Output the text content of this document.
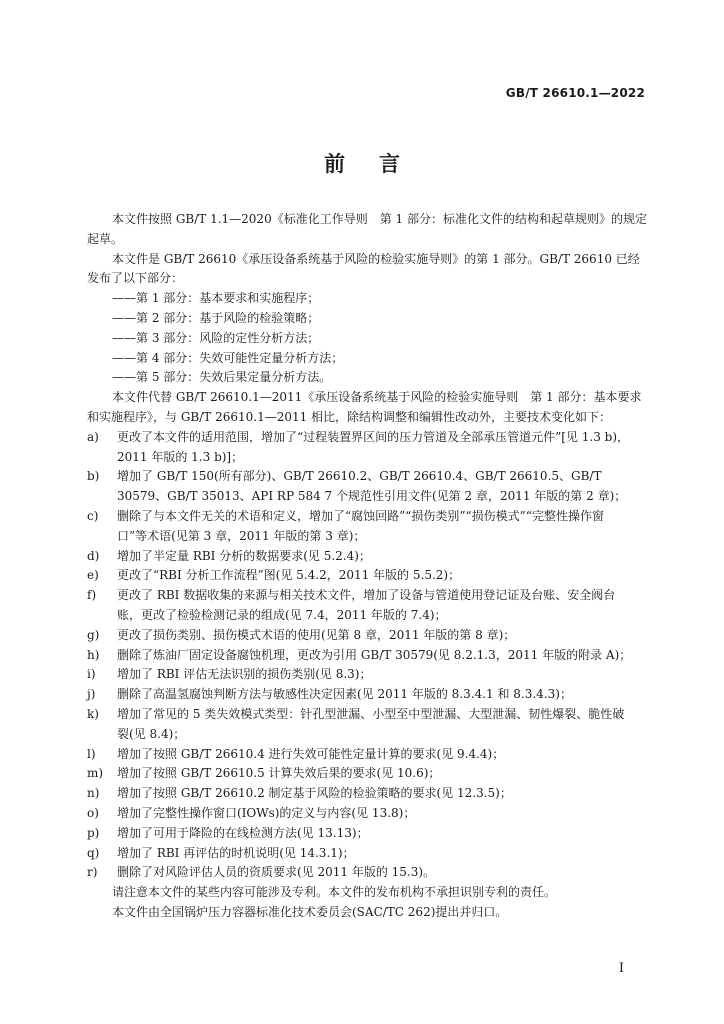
GB/T 26610.1—2022
前言

本文件按照 GB/T 1.1—2020《标准化工作导则　第 1 部分：标准化文件的结构和起草规则》的规定
起草。

本文件是 GB/T 26610《承压设备系统基于风险的检验实施导则》的第 1 部分。GB/T 26610 已经
发布了以下部分：

——第 1 部分：基本要求和实施程序；
——第 2 部分：基于风险的检验策略；
——第 3 部分：风险的定性分析方法；
——第 4 部分：失效可能性定量分析方法；
——第 5 部分：失效后果定量分析方法。

本文件代替 GB/T 26610.1—2011《承压设备系统基于风险的检验实施导则　第 1 部分：基本要求
和实施程序》，与 GB/T 26610.1—2011 相比，除结构调整和编辑性改动外，主要技术变化如下：

a)	更改了本文件的适用范围，增加了“过程装置界区间的压力管道及全部承压管道元件”[见 1.3 b)，2011 年版的 1.3 b)]；
b)	增加了 GB/T 150(所有部分)、GB/T 26610.2、GB/T 26610.4、GB/T 26610.5、GB/T 30579、GB/T 35013、API RP 584 7 个规范性引用文件(见第 2 章，2011 年版的第 2 章)；
c)	删除了与本文件无关的术语和定义，增加了“腐蚀回路”“损伤类别”“损伤模式”“完整性操作窗口”等术语(见第 3 章，2011 年版的第 3 章)；
d)	增加了半定量 RBI 分析的数据要求(见 5.2.4)；
e)	更改了“RBI 分析工作流程”图(见 5.4.2，2011 年版的 5.5.2)；
f)	更改了 RBI 数据收集的来源与相关技术文件，增加了设备与管道使用登记证及台账、安全阀台账，更改了检验检测记录的组成(见 7.4，2011 年版的 7.4)；
g)	更改了损伤类别、损伤模式术语的使用(见第 8 章，2011 年版的第 8 章)；
h)	删除了炼油厂固定设备腐蚀机理，更改为引用 GB/T 30579(见 8.2.1.3，2011 年版的附录 A)；
i)	增加了 RBI 评估无法识别的损伤类别(见 8.3)；
j)	删除了高温氢腐蚀判断方法与敏感性决定因素(见 2011 年版的 8.3.4.1 和 8.3.4.3)；
k)	增加了常见的 5 类失效模式类型：针孔型泄漏、小型至中型泄漏、大型泄漏、韧性爆裂、脆性破裂(见 8.4)；
l)	增加了按照 GB/T 26610.4 进行失效可能性定量计算的要求(见 9.4.4)；
m)	增加了按照 GB/T 26610.5 计算失效后果的要求(见 10.6)；
n)	增加了按照 GB/T 26610.2 制定基于风险的检验策略的要求(见 12.3.5)；
o)	增加了完整性操作窗口(IOWs)的定义与内容(见 13.8)；
p)	增加了可用于降险的在线检测方法(见 13.13)；
q)	增加了 RBI 再评估的时机说明(见 14.3.1)；
r)	删除了对风险评估人员的资质要求(见 2011 年版的 15.3)。

请注意本文件的某些内容可能涉及专利。本文件的发布机构不承担识别专利的责任。

本文件由全国锅炉压力容器标准化技术委员会(SAC/TC 262)提出并归口。

I
